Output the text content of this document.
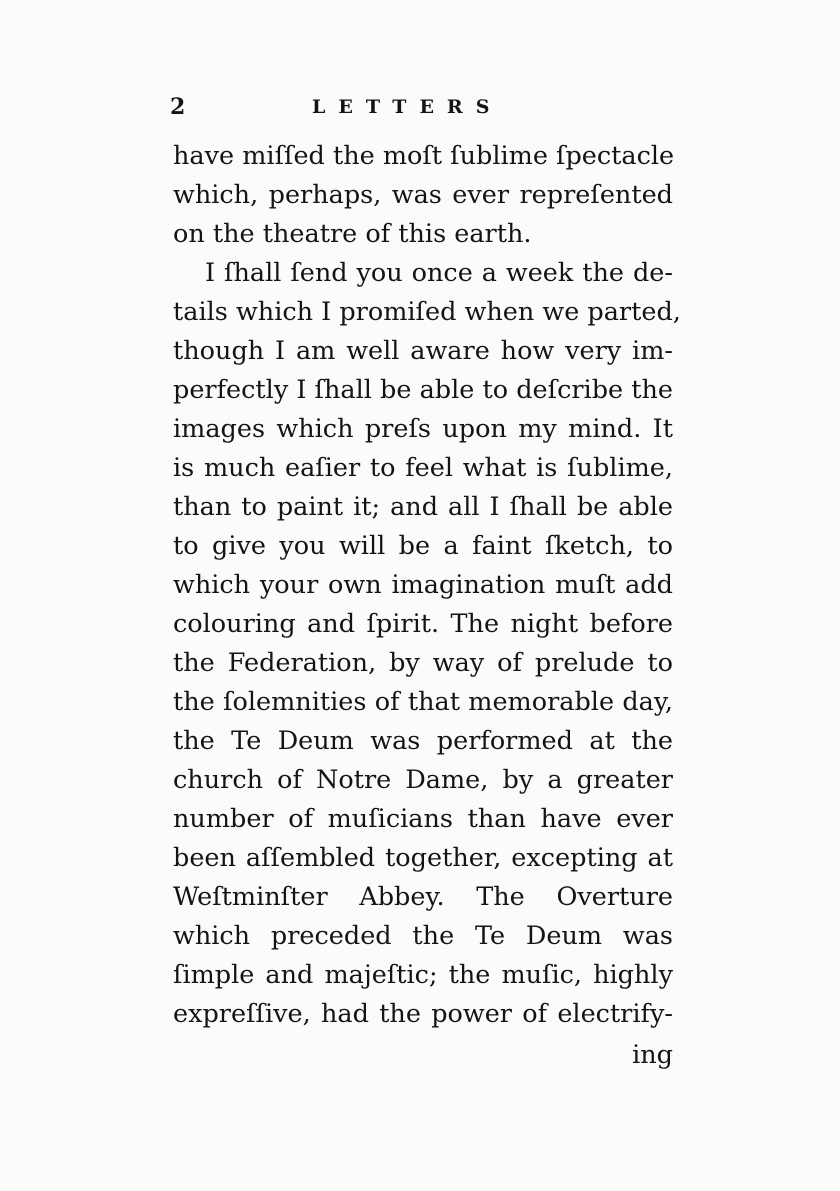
2	LETTERS
have miſſed the moſt ſublime ſpectacle
which, perhaps, was ever repreſented
on the theatre of this earth.
I ſhall ſend you once a week the de-
tails which I promiſed when we parted,
though I am well aware how very im-
perfectly I ſhall be able to deſcribe the
images which preſs upon my mind. It
is much eaſier to feel what is ſublime,
than to paint it; and all I ſhall be able
to give you will be a faint ſketch, to
which your own imagination muſt add
colouring and ſpirit. The night before
the Federation, by way of prelude to
the ſolemnities of that memorable day,
the Te Deum was performed at the
church of Notre Dame, by a greater
number of muſicians than have ever
been aſſembled together, excepting at
Weſtminſter Abbey. The Overture
which preceded the Te Deum was
ſimple and majeſtic; the muſic, highly
expreſſive, had the power of electrify-
ing
